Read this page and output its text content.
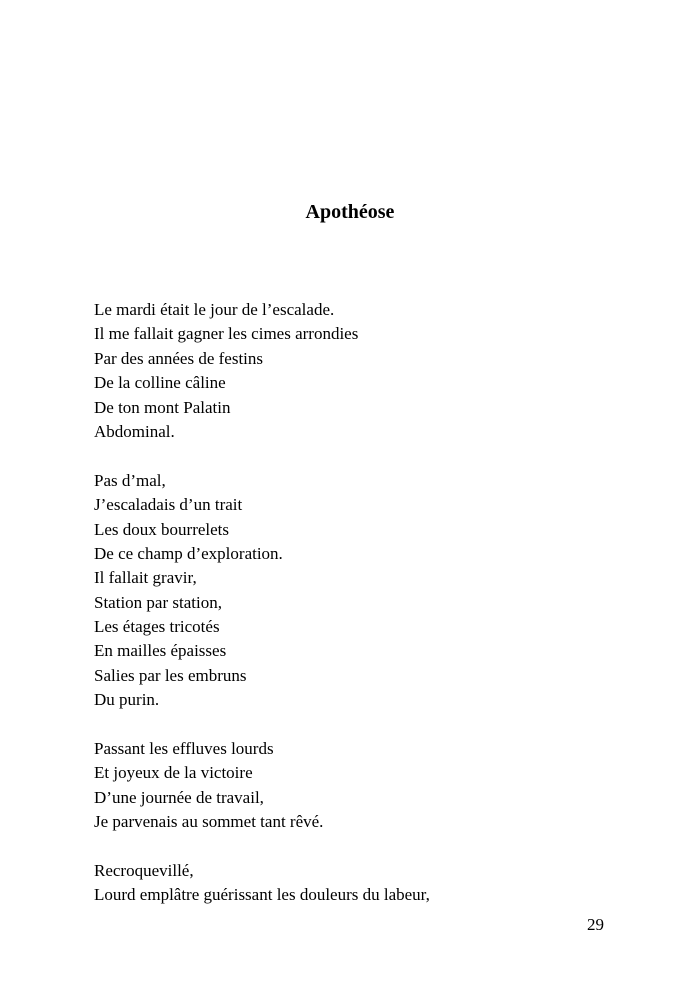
Apothéose
Le mardi était le jour de l’escalade.
Il me fallait gagner les cimes arrondies
Par des années de festins
De la colline câline
De ton mont Palatin
Abdominal.
Pas d’mal,
J’escaladais d’un trait
Les doux bourrelets
De ce champ d’exploration.
Il fallait gravir,
Station par station,
Les étages tricotés
En mailles épaisses
Salies par les embruns
Du purin.
Passant les effluves lourds
Et joyeux de la victoire
D’une journée de travail,
Je parvenais au sommet tant rêvé.
Recroquevillé,
Lourd emplâtre guérissant les douleurs du labeur,
29
